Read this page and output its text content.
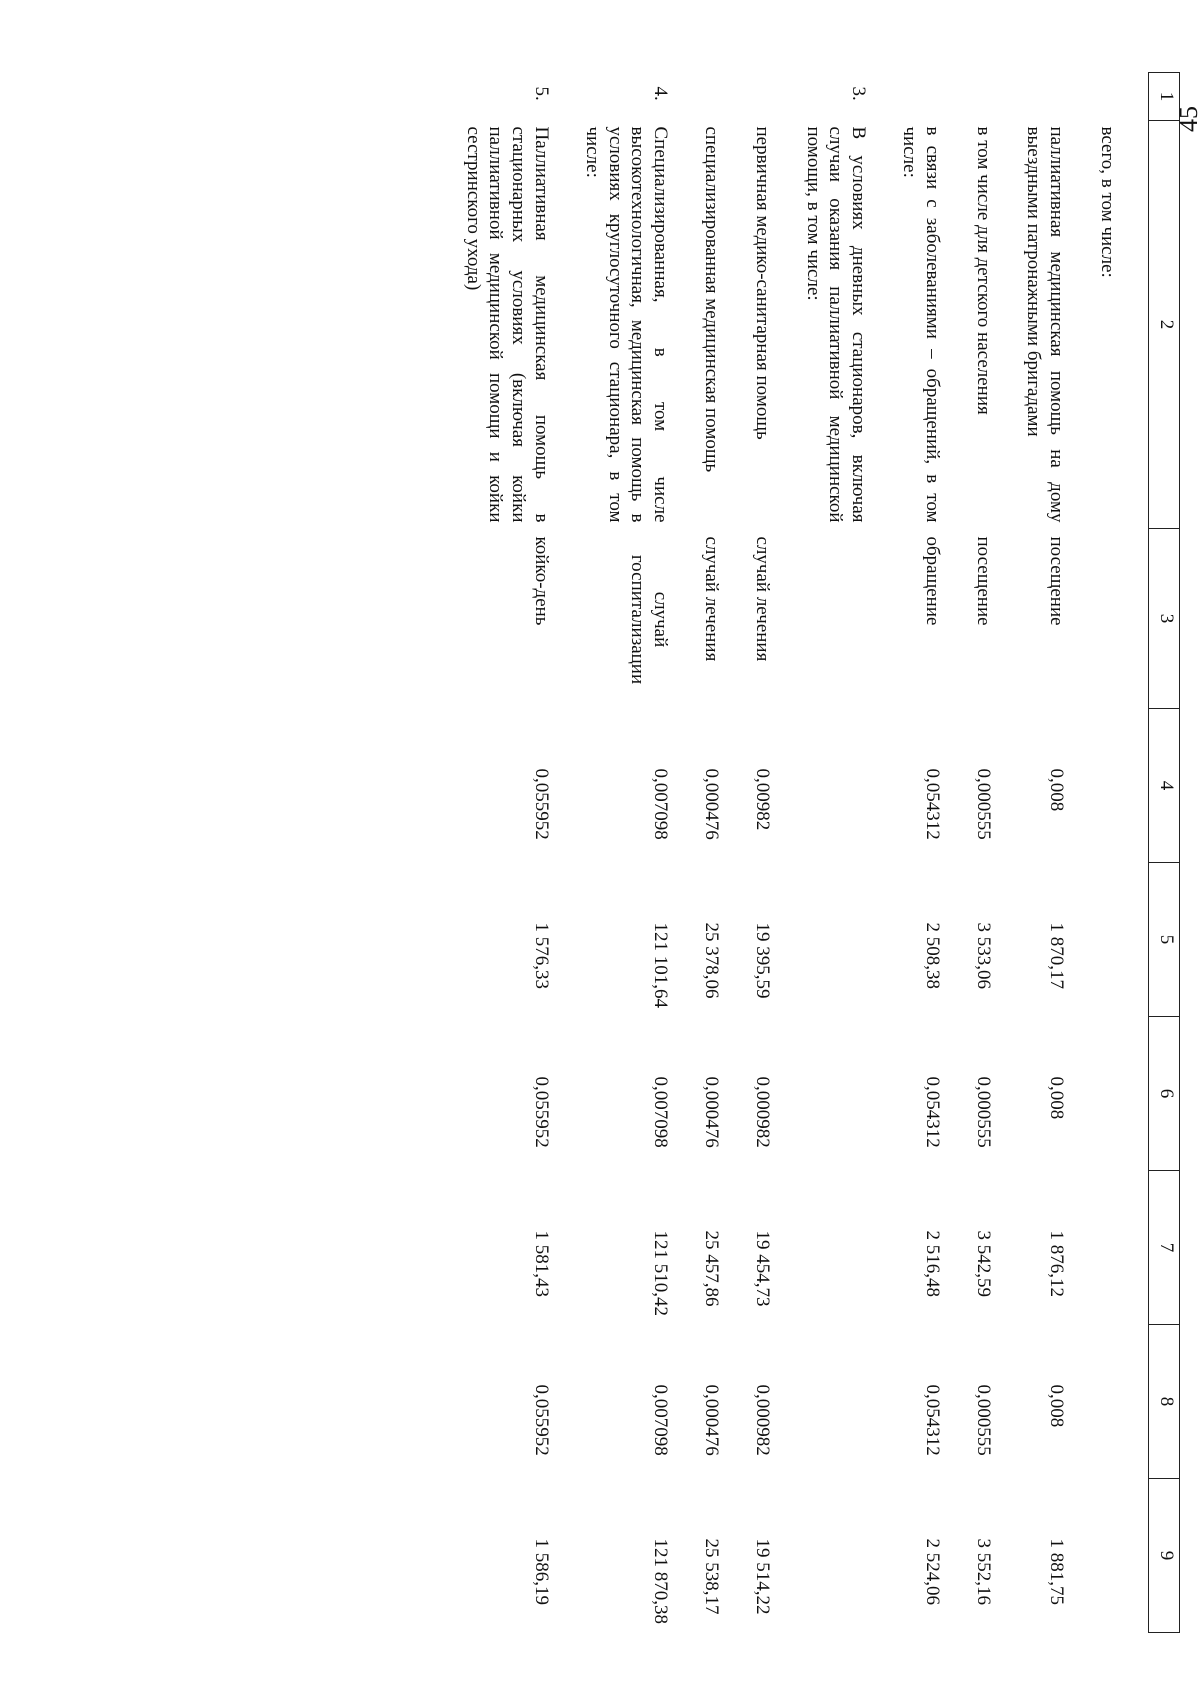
45
1	2	3	4	5	6	7	8	9
	всего, в том числе:							
	паллиативная медицинская помощь на дому выездными патронажными бригадами	посещение	0,008	1 870,17	0,008	1 876,12	0,008	1 881,75
	в том числе для детского населения	посещение	0,000555	3 533,06	0,000555	3 542,59	0,000555	3 552,16
	в связи с заболеваниями – обращений, в том числе:	обращение	0,054312	2 508,38	0,054312	2 516,48	0,054312	2 524,06
3.	В условиях дневных стационаров, включая случаи оказания паллиативной медицинской помощи, в том числе:							
	первичная медико-санитарная помощь	случай лечения	0,00982	19 395,59	0,000982	19 454,73	0,000982	19 514,22
	специализированная медицинская помощь	случай лечения	0,000476	25 378,06	0,000476	25 457,86	0,000476	25 538,17
4.	Специализированная, в том числе высокотехнологичная, медицинская помощь в условиях круглосуточного стационара, в том числе:	случай госпитализации	0,007098	121 101,64	0,007098	121 510,42	0,007098	121 870,38
5.	Паллиативная медицинская помощь в стационарных условиях (включая койки паллиативной медицинской помощи и койки сестринского ухода)	койко-день	0,055952	1 576,33	0,055952	1 581,43	0,055952	1 586,19
